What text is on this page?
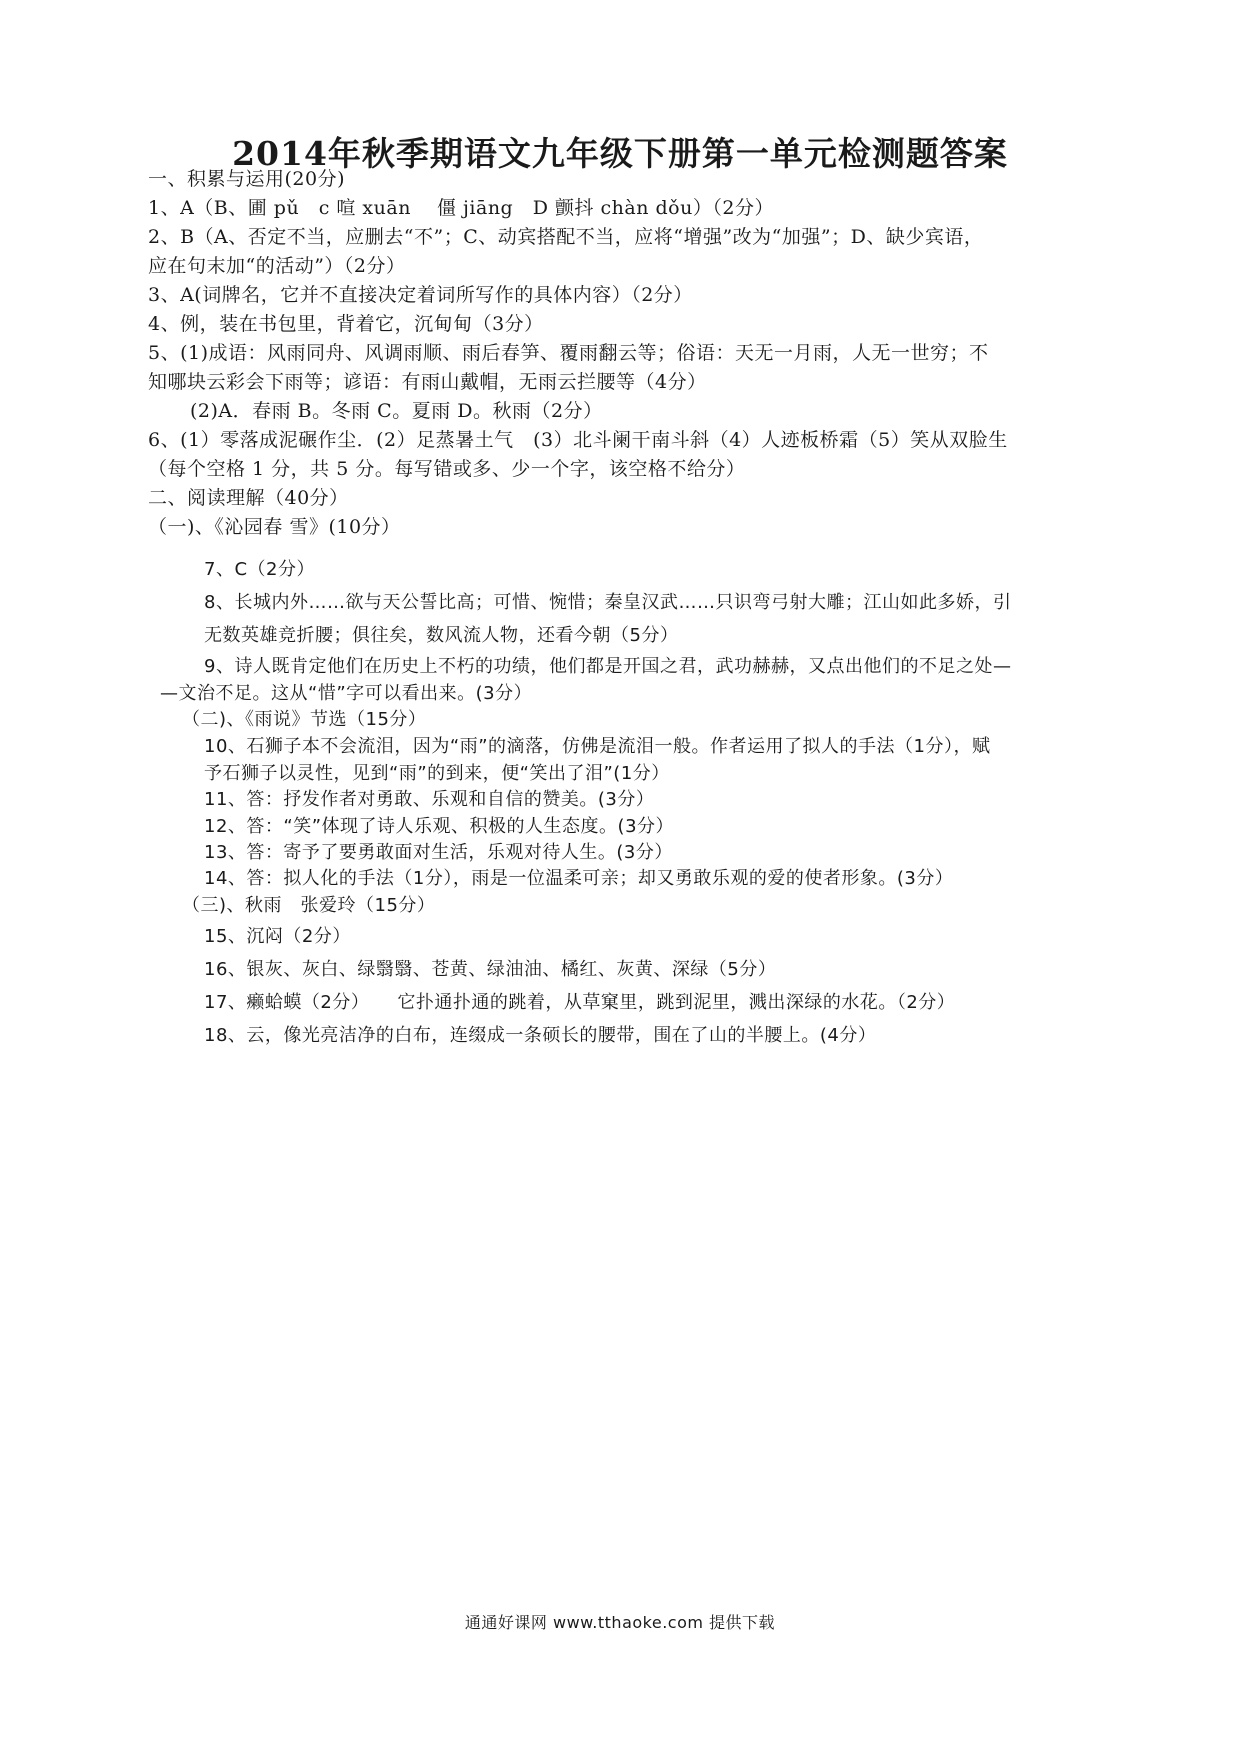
2014年秋季期语文九年级下册第一单元检测题答案
一、积累与运用(20分)
1、A（B、圃 pǔ　c 喧 xuān　 僵 jiāng　D 颤抖 chàn dǒu）（2分）
2、B（A、否定不当，应删去“不”；C、动宾搭配不当，应将“增强”改为“加强”；D、缺少宾语，
应在句末加“的活动”）（2分）
3、A(词牌名，它并不直接决定着词所写作的具体内容）（2分）
4、例，装在书包里，背着它，沉甸甸（3分）
5、(1)成语：风雨同舟、风调雨顺、雨后春笋、覆雨翻云等；俗语：天无一月雨，人无一世穷；不
知哪块云彩会下雨等；谚语：有雨山戴帽，无雨云拦腰等（4分）
(2)A．春雨 B。冬雨 C。夏雨 D。秋雨（2分）
6、(1）零落成泥碾作尘．(2）足蒸暑土气　(3）北斗阑干南斗斜（4）人迹板桥霜（5）笑从双脸生
（每个空格 1 分，共 5 分。每写错或多、少一个字，该空格不给分）
二、阅读理解（40分）
（一)、《沁园春 雪》(10分）
7、C（2分）
8、长城内外……欲与天公誓比高；可惜、惋惜；秦皇汉武……只识弯弓射大雕；江山如此多娇，引
无数英雄竞折腰；俱往矣，数风流人物，还看今朝（5分）
9、诗人既肯定他们在历史上不朽的功绩，他们都是开国之君，武功赫赫，又点出他们的不足之处—
—文治不足。这从“惜”字可以看出来。(3分）
（二)、《雨说》节选（15分）
10、石狮子本不会流泪，因为“雨”的滴落，仿佛是流泪一般。作者运用了拟人的手法（1分），赋
予石狮子以灵性，见到“雨”的到来，便“笑出了泪”(1分）
11、答：抒发作者对勇敢、乐观和自信的赞美。(3分）
12、答：“笑”体现了诗人乐观、积极的人生态度。(3分）
13、答：寄予了要勇敢面对生活，乐观对待人生。(3分）
14、答：拟人化的手法（1分），雨是一位温柔可亲；却又勇敢乐观的爱的使者形象。(3分）
（三)、秋雨　张爱玲（15分）
15、沉闷（2分）
16、银灰、灰白、绿翳翳、苍黄、绿油油、橘红、灰黄、深绿（5分）
17、癞蛤蟆（2分）　　它扑通扑通的跳着，从草窠里，跳到泥里，溅出深绿的水花。（2分）
18、云，像光亮洁净的白布，连缀成一条硕长的腰带，围在了山的半腰上。(4分）
通通好课网 www.tthaoke.com 提供下载
